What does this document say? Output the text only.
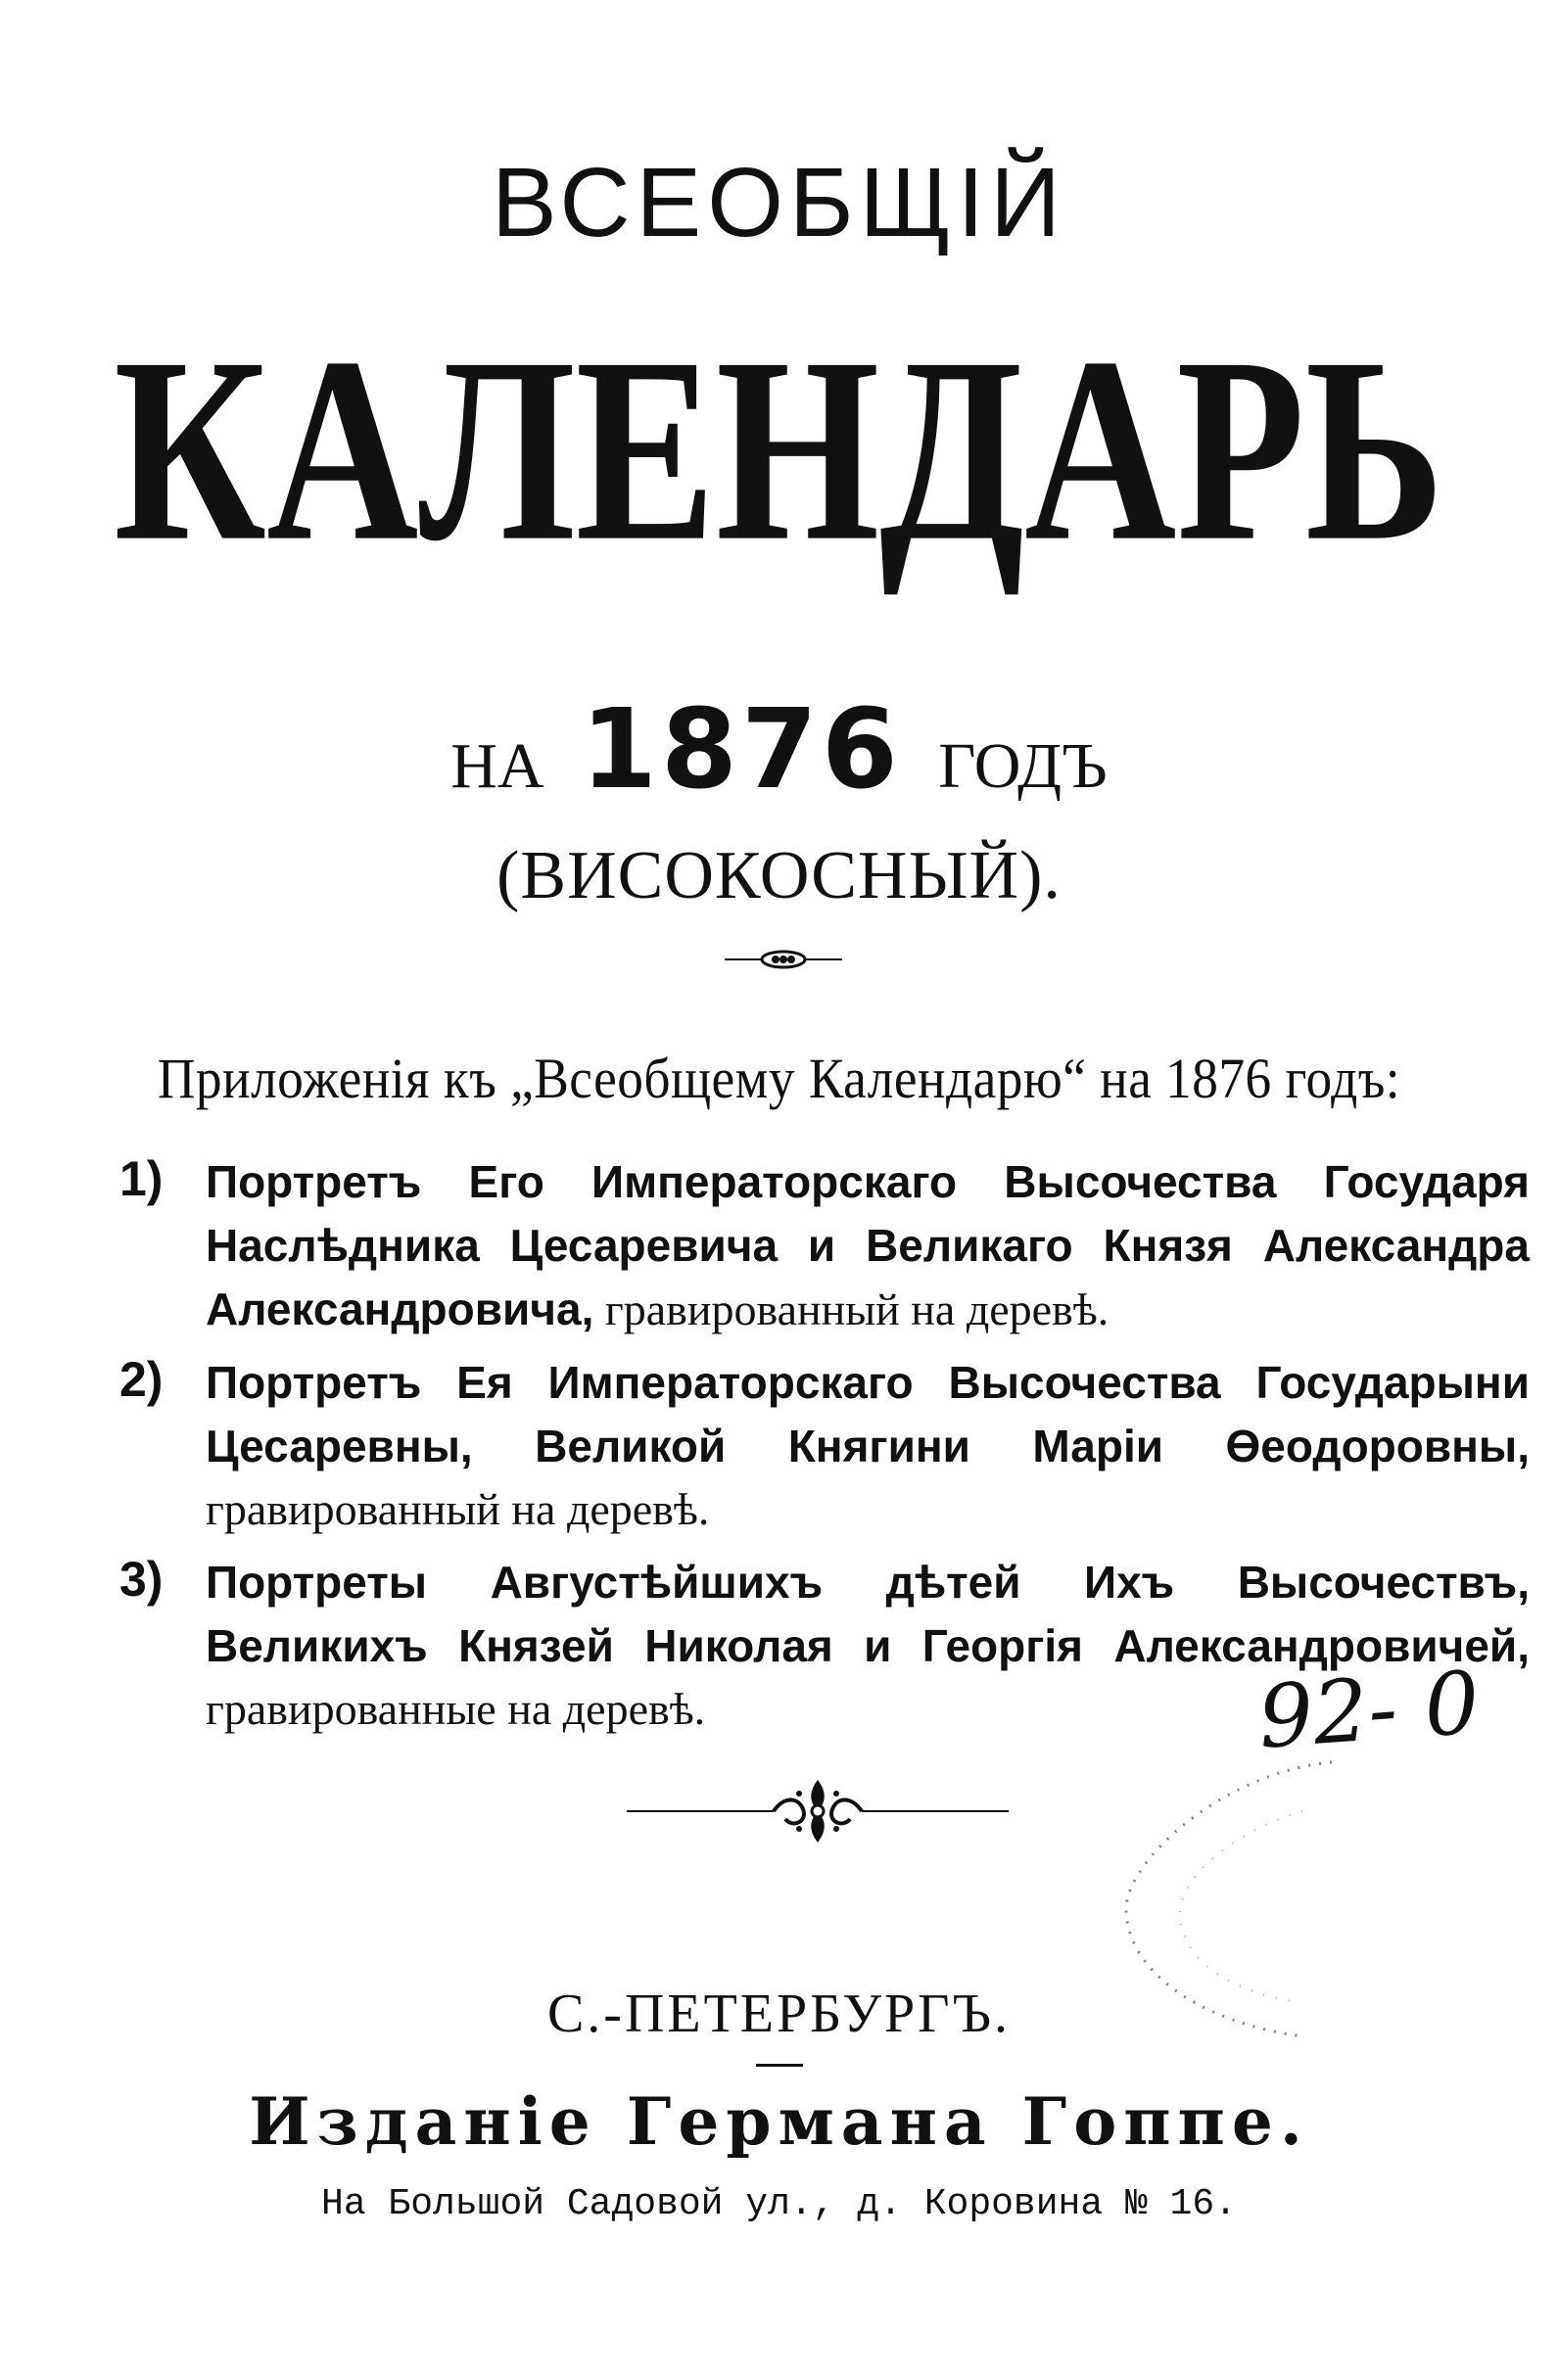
ВСЕОБЩІЙ
КАЛЕНДАРЬ
НА 1876 ГОДЪ
(ВИСОКОСНЫЙ).
Приложенія къ „Всеобщему Календарю“ на 1876 годъ:
1) Портретъ Его Императорскаго Высочества Государя Наслѣдника Цесаревича и Великаго Князя Александра Александровича, гравированный на деревѣ.
2) Портретъ Ея Императорскаго Высочества Государыни Цесаревны, Великой Княгини Маріи Өеодоровны, гравированный на деревѣ.
3) Портреты Августѣйшихъ дѣтей Ихъ Высочествъ, Великихъ Князей Николая и Георгія Александровичей, гравированные на деревѣ.	92- 0
С.-ПЕТЕРБУРГЪ.
Изданіе Германа Гоппе.
На Большой Садовой ул., д. Коровина № 16.
